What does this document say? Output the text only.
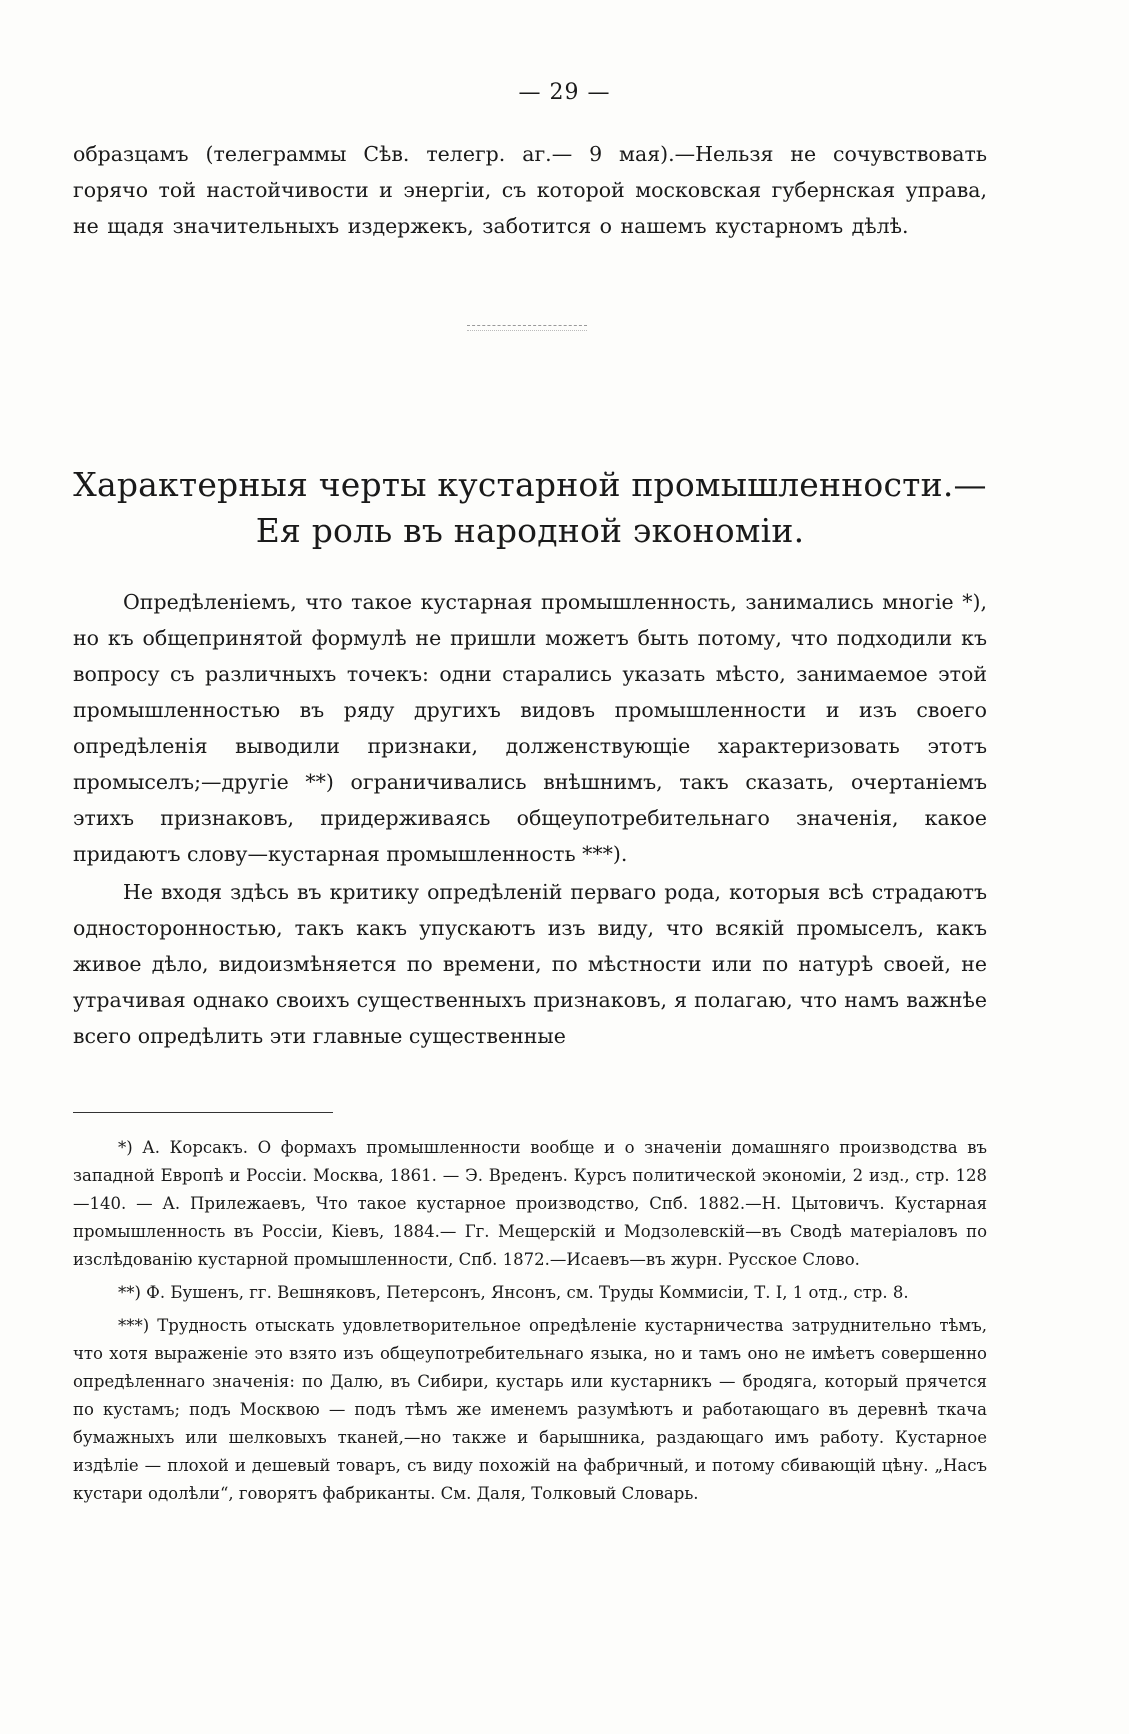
— 29 —

образцамъ (телеграммы Сѣв. телегр. аг.— 9 мая).—Нельзя не сочувствовать горячо той настойчивости и энергіи, съ которой московская губернская управа, не щадя значительныхъ издержекъ, заботится о нашемъ кустарномъ дѣлѣ.

Характерныя черты кустарной промышленности.—Ея роль въ народной экономіи.

Опредѣленіемъ, что такое кустарная промышленность, занимались многіе *), но къ общепринятой формулѣ не пришли можетъ быть потому, что подходили къ вопросу съ различныхъ точекъ: одни старались указать мѣсто, занимаемое этой промышленностью въ ряду другихъ видовъ промышленности и изъ своего опредѣленія выводили признаки, долженствующіе характеризовать этотъ промыселъ;—другіе **) ограничивались внѣшнимъ, такъ сказать, очертаніемъ этихъ признаковъ, придерживаясь общеупотребительнаго значенія, какое придаютъ слову—кустарная промышленность ***).

Не входя здѣсь въ критику опредѣленій перваго рода, которыя всѣ страдаютъ односторонностью, такъ какъ упускаютъ изъ виду, что всякій промыселъ, какъ живое дѣло, видоизмѣняется по времени, по мѣстности или по натурѣ своей, не утрачивая однако своихъ существенныхъ признаковъ, я полагаю, что намъ важнѣе всего опредѣлить эти главные существенные

*) А. Корсакъ. О формахъ промышленности вообще и о значеніи домашняго производства въ западной Европѣ и Россіи. Москва, 1861. — Э. Вреденъ. Курсъ политической экономіи, 2 изд., стр. 128—140. — А. Прилежаевъ, Что такое кустарное производство, Спб. 1882.—Н. Цытовичъ. Кустарная промышленность въ Россіи, Кіевъ, 1884.— Гг. Мещерскій и Модзолевскій—въ Сводѣ матеріаловъ по изслѣдованію кустарной промышленности, Спб. 1872.—Исаевъ—въ журн. Русское Слово.

**) Ф. Бушенъ, гг. Вешняковъ, Петерсонъ, Янсонъ, см. Труды Коммисіи, Т. I, 1 отд., стр. 8.

***) Трудность отыскать удовлетворительное опредѣленіе кустарничества затруднительно тѣмъ, что хотя выраженіе это взято изъ общеупотребительнаго языка, но и тамъ оно не имѣетъ совершенно опредѣленнаго значенія: по Далю, въ Сибири, кустарь или кустарникъ — бродяга, который прячется по кустамъ; подъ Москвою — подъ тѣмъ же именемъ разумѣютъ и работающаго въ деревнѣ ткача бумажныхъ или шелковыхъ тканей,—но также и барышника, раздающаго имъ работу. Кустарное издѣліе — плохой и дешевый товаръ, съ виду похожій на фабричный, и потому сбивающій цѣну. „Насъ кустари одолѣли“, говорятъ фабриканты. См. Даля, Толковый Словарь.
